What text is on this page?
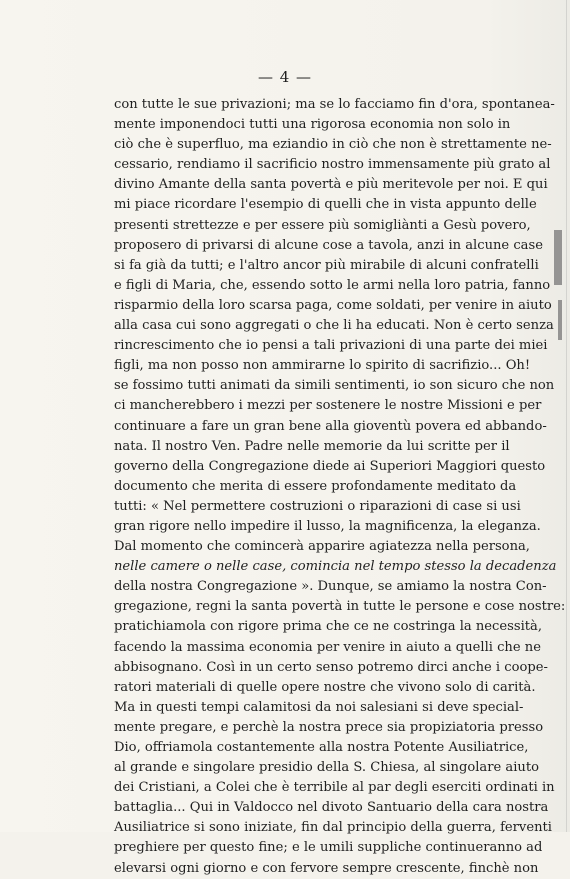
— 4 —
con tutte le sue privazioni; ma se lo facciamo fin d'ora, spontanea-
mente imponendoci tutti una rigorosa economia non solo in
ciò che è superfluo, ma eziandio in ciò che non è strettamente ne-
cessario, rendiamo il sacrificio nostro immensamente più grato al
divino Amante della santa povertà e più meritevole per noi. E qui
mi piace ricordare l'esempio di quelli che in vista appunto delle
presenti strettezze e per essere più somigliànti a Gesù povero,
proposero di privarsi di alcune cose a tavola, anzi in alcune case
si fa già da tutti; e l'altro ancor più mirabile di alcuni confratelli
e figli di Maria, che, essendo sotto le armi nella loro patria, fanno
risparmio della loro scarsa paga, come soldati, per venire in aiuto
alla casa cui sono aggregati o che li ha educati. Non è certo senza
rincrescimento che io pensi a tali privazioni di una parte dei miei
figli, ma non posso non ammirarne lo spirito di sacrifizio... Oh!
se fossimo tutti animati da simili sentimenti, io son sicuro che non
ci mancherebbero i mezzi per sostenere le nostre Missioni e per
continuare a fare un gran bene alla gioventù povera ed abbando-
nata. Il nostro Ven. Padre nelle memorie da lui scritte per il
governo della Congregazione diede ai Superiori Maggiori questo
documento che merita di essere profondamente meditato da
tutti: « Nel permettere costruzioni o riparazioni di case si usi
gran rigore nello impedire il lusso, la magnificenza, la eleganza.
Dal momento che comincerà apparire agiatezza nella persona,
nelle camere o nelle case, comincia nel tempo stesso la decadenza
della nostra Congregazione ». Dunque, se amiamo la nostra Con-
gregazione, regni la santa povertà in tutte le persone e cose nostre:
pratichiamola con rigore prima che ce ne costringa la necessità,
facendo la massima economia per venire in aiuto a quelli che ne
abbisognano. Così in un certo senso potremo dirci anche i coope-
ratori materiali di quelle opere nostre che vivono solo di carità.
Ma in questi tempi calamitosi da noi salesiani si deve special-
mente pregare, e perchè la nostra prece sia propiziatoria presso
Dio, offriamola costantemente alla nostra Potente Ausiliatrice,
al grande e singolare presidio della S. Chiesa, al singolare aiuto
dei Cristiani, a Colei che è terribile al par degli eserciti ordinati in
battaglia... Qui in Valdocco nel divoto Santuario della cara nostra
Ausiliatrice si sono iniziate, fin dal principio della guerra, ferventi
preghiere per questo fine; e le umili suppliche continueranno ad
elevarsi ogni giorno e con fervore sempre crescente, finchè non
